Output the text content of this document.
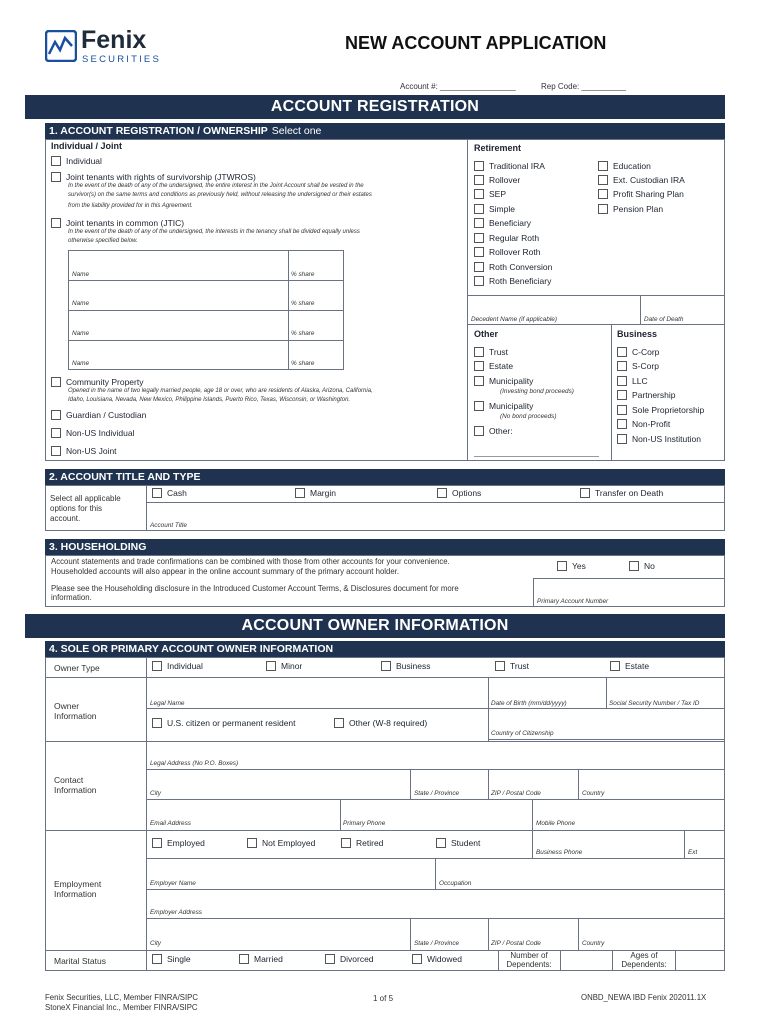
Fenix
SECURITIES
NEW ACCOUNT APPLICATION
Account #: _________________	Rep Code: __________
ACCOUNT REGISTRATION
1. ACCOUNT REGISTRATION / OWNERSHIP Select one
Individual / Joint
Individual
Joint tenants with rights of survivorship (JTWROS)
In the event of the death of any of the undersigned, the entire interest in the Joint Account shall be vested in the
survivor(s) on the same terms and conditions as previously held, without releasing the undersigned or their estates
from the liability provided for in this Agreement.
Joint tenants in common (JTIC)
In the event of the death of any of the undersigned, the interests in the tenancy shall be divided equally unless
otherwise specified below.
Name	% share
Name	% share
Name	% share
Name	% share
Community Property
Opened in the name of two legally married people, age 18 or over, who are residents of Alaska, Arizona, California,
Idaho, Louisiana, Nevada, New Mexico, Philippine Islands, Puerto Rico, Texas, Wisconsin, or Washington.
Guardian / Custodian
Non-US Individual
Non-US Joint
Retirement
Traditional IRA
Rollover
SEP
Simple
Beneficiary
Regular Roth
Rollover Roth
Roth Conversion
Roth Beneficiary
Education
Ext. Custodian IRA
Profit Sharing Plan
Pension Plan
Decedent Name (if applicable)	Date of Death
Other
Trust
Estate
Municipality
(Investing bond proceeds)
Municipality
(No bond proceeds)
Other:
Business
C-Corp
S-Corp
LLC
Partnership
Sole Proprietorship
Non-Profit
Non-US Institution
2. ACCOUNT TITLE AND TYPE
Select all applicable
options for this
account.
Cash	Margin	Options	Transfer on Death
Account Title
3. HOUSEHOLDING
Account statements and trade confirmations can be combined with those from other accounts for your convenience.
Householded accounts will also appear in the online account summary of the primary account holder.
Please see the Householding disclosure in the Introduced Customer Account Terms, & Disclosures document for more
information.
Yes	No
Primary Account Number
ACCOUNT OWNER INFORMATION
4. SOLE OR PRIMARY ACCOUNT OWNER INFORMATION
Owner Type	Individual	Minor	Business	Trust	Estate
Owner
Information
Legal Name	Date of Birth (mm/dd/yyyy)	Social Security Number / Tax ID
U.S. citizen or permanent resident	Other (W-8 required)
Country of Citizenship
Contact
Information
Legal Address (No P.O. Boxes)
City	State / Province	ZIP / Postal Code	Country
Email Address	Primary Phone	Mobile Phone
Employment
Information
Employed	Not Employed	Retired	Student
Business Phone	Ext
Employer Name	Occupation
Employer Address
City	State / Province	ZIP / Postal Code	Country
Marital Status	Single	Married	Divorced	Widowed	Number of
Dependents:
Ages of
Dependents:
Fenix Securities, LLC, Member FINRA/SIPC
StoneX Financial Inc., Member FINRA/SIPC
1 of 5	ONBD_NEWA IBD Fenix 202011.1X
